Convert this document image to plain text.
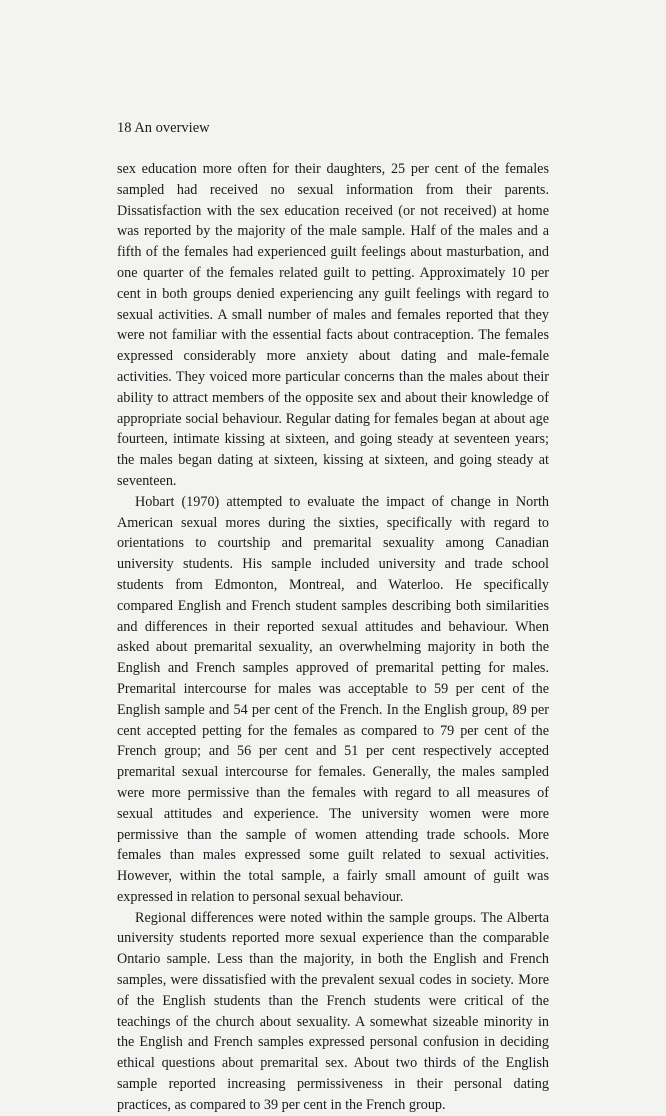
18 An overview

sex education more often for their daughters, 25 per cent of the females sampled had received no sexual information from their parents. Dissatisfaction with the sex education received (or not received) at home was reported by the majority of the male sample. Half of the males and a fifth of the females had experienced guilt feelings about masturbation, and one quarter of the females related guilt to petting. Approximately 10 per cent in both groups denied experiencing any guilt feelings with regard to sexual activities. A small number of males and females reported that they were not familiar with the essential facts about contraception. The females expressed considerably more anxiety about dating and male-female activities. They voiced more particular concerns than the males about their ability to attract members of the opposite sex and about their knowledge of appropriate social behaviour. Regular dating for females began at about age fourteen, intimate kissing at sixteen, and going steady at seventeen years; the males began dating at sixteen, kissing at sixteen, and going steady at seventeen.

Hobart (1970) attempted to evaluate the impact of change in North American sexual mores during the sixties, specifically with regard to orientations to courtship and premarital sexuality among Canadian university students. His sample included university and trade school students from Edmonton, Montreal, and Waterloo. He specifically compared English and French student samples describing both similarities and differences in their reported sexual attitudes and behaviour. When asked about premarital sexuality, an overwhelming majority in both the English and French samples approved of premarital petting for males. Premarital intercourse for males was acceptable to 59 per cent of the English sample and 54 per cent of the French. In the English group, 89 per cent accepted petting for the females as compared to 79 per cent of the French group; and 56 per cent and 51 per cent respectively accepted premarital sexual intercourse for females. Generally, the males sampled were more permissive than the females with regard to all measures of sexual attitudes and experience. The university women were more permissive than the sample of women attending trade schools. More females than males expressed some guilt related to sexual activities. However, within the total sample, a fairly small amount of guilt was expressed in relation to personal sexual behaviour.

Regional differences were noted within the sample groups. The Alberta university students reported more sexual experience than the comparable Ontario sample. Less than the majority, in both the English and French samples, were dissatisfied with the prevalent sexual codes in society. More of the English students than the French students were critical of the teachings of the church about sexuality. A somewhat sizeable minority in the English and French samples expressed personal confusion in deciding ethical questions about premarital sex. About two thirds of the English sample reported increasing permissiveness in their personal dating practices, as compared to 39 per cent in the French group.
